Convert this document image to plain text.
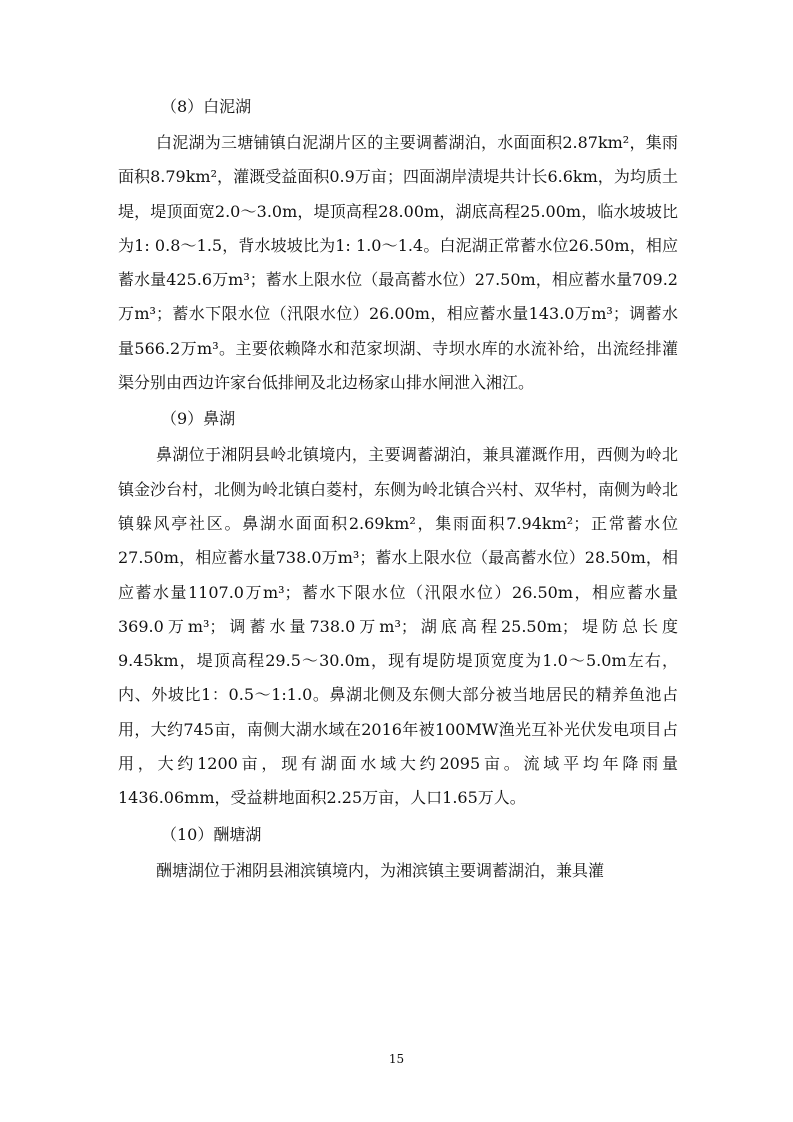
（8）白泥湖

白泥湖为三塘铺镇白泥湖片区的主要调蓄湖泊，水面面积2.87km²，集雨面积8.79km²，灌溉受益面积0.9万亩；四面湖岸渍堤共计长6.6km，为均质土堤，堤顶面宽2.0～3.0m，堤顶高程28.00m，湖底高程25.00m，临水坡坡比为1: 0.8～1.5，背水坡坡比为1: 1.0～1.4。白泥湖正常蓄水位26.50m，相应蓄水量425.6万m³；蓄水上限水位（最高蓄水位）27.50m，相应蓄水量709.2万m³；蓄水下限水位（汛限水位）26.00m，相应蓄水量143.0万m³；调蓄水量566.2万m³。主要依赖降水和范家坝湖、寺坝水库的水流补给，出流经排灌渠分别由西边许家台低排闸及北边杨家山排水闸泄入湘江。

（9）鼻湖

鼻湖位于湘阴县岭北镇境内，主要调蓄湖泊，兼具灌溉作用，西侧为岭北镇金沙台村，北侧为岭北镇白菱村，东侧为岭北镇合兴村、双华村，南侧为岭北镇躲风亭社区。鼻湖水面面积2.69km²，集雨面积7.94km²；正常蓄水位27.50m，相应蓄水量738.0万m³；蓄水上限水位（最高蓄水位）28.50m，相应蓄水量1107.0万m³；蓄水下限水位（汛限水位）26.50m，相应蓄水量369.0万m³；调蓄水量738.0万m³；湖底高程25.50m；堤防总长度9.45km，堤顶高程29.5～30.0m，现有堤防堤顶宽度为1.0～5.0m左右，内、外坡比1：0.5～1:1.0。鼻湖北侧及东侧大部分被当地居民的精养鱼池占用，大约745亩，南侧大湖水域在2016年被100MW渔光互补光伏发电项目占用，大约1200亩，现有湖面水域大约2095亩。流域平均年降雨量1436.06mm，受益耕地面积2.25万亩，人口1.65万人。

（10）酬塘湖

酬塘湖位于湘阴县湘滨镇境内，为湘滨镇主要调蓄湖泊，兼具灌

15
